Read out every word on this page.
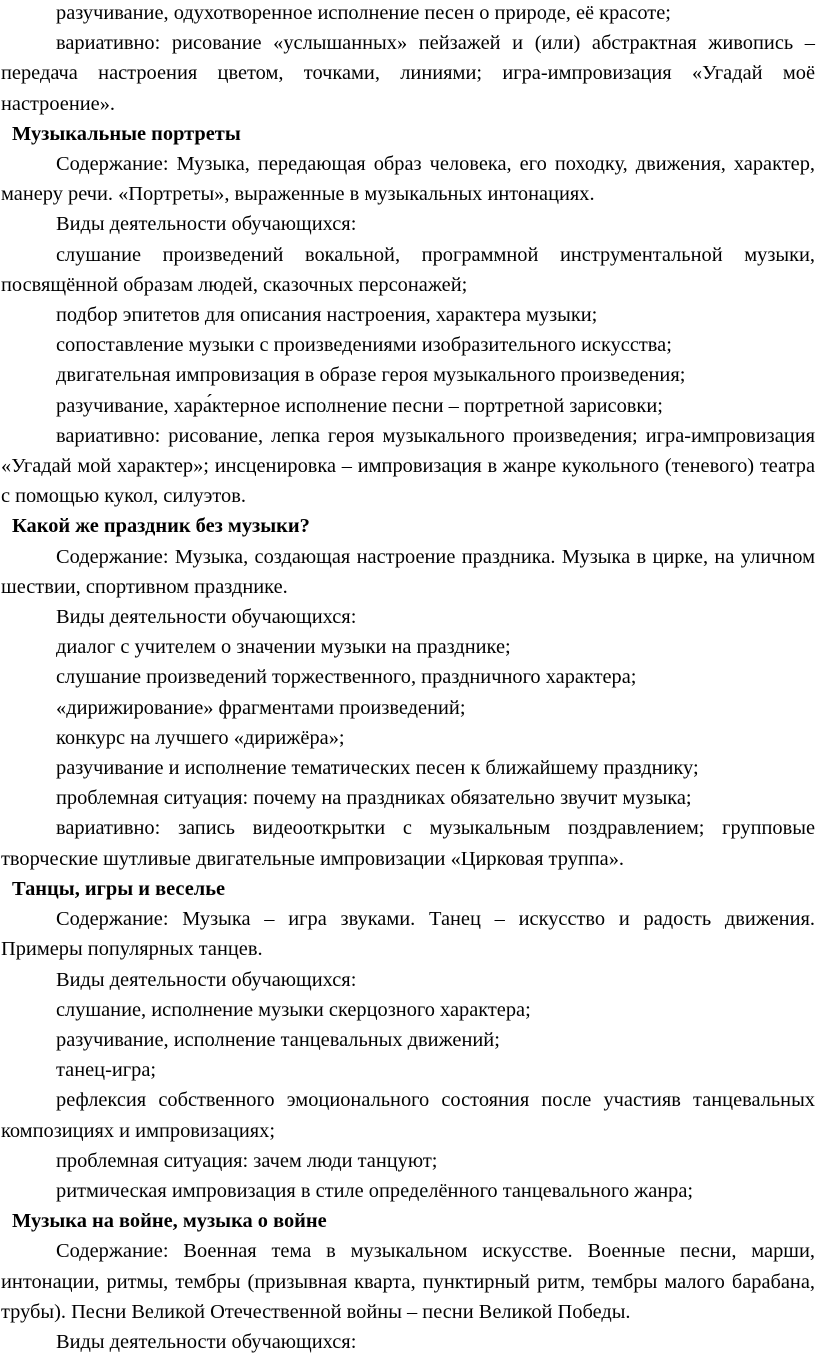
разучивание, одухотворенное исполнение песен о природе, её красоте;

вариативно: рисование «услышанных» пейзажей и (или) абстрактная живопись – передача настроения цветом, точками, линиями; игра-импровизация «Угадай моё настроение».

Музыкальные портреты

Содержание: Музыка, передающая образ человека, его походку, движения, характер, манеру речи. «Портреты», выраженные в музыкальных интонациях.

Виды деятельности обучающихся:

слушание произведений вокальной, программной инструментальной музыки, посвящённой образам людей, сказочных персонажей;

подбор эпитетов для описания настроения, характера музыки;

сопоставление музыки с произведениями изобразительного искусства;

двигательная импровизация в образе героя музыкального произведения;

разучивание, хара́ктерное исполнение песни – портретной зарисовки;

вариативно: рисование, лепка героя музыкального произведения; игра-импровизация «Угадай мой характер»; инсценировка – импровизация в жанре кукольного (теневого) театра с помощью кукол, силуэтов.

Какой же праздник без музыки?

Содержание: Музыка, создающая настроение праздника. Музыка в цирке, на уличном шествии, спортивном празднике.

Виды деятельности обучающихся:

диалог с учителем о значении музыки на празднике;

слушание произведений торжественного, праздничного характера;

«дирижирование» фрагментами произведений;

конкурс на лучшего «дирижёра»;

разучивание и исполнение тематических песен к ближайшему празднику;

проблемная ситуация: почему на праздниках обязательно звучит музыка;

вариативно: запись видеооткрытки с музыкальным поздравлением; групповые творческие шутливые двигательные импровизации «Цирковая труппа».

Танцы, игры и веселье

Содержание: Музыка – игра звуками. Танец – искусство и радость движения. Примеры популярных танцев.

Виды деятельности обучающихся:

слушание, исполнение музыки скерцозного характера;

разучивание, исполнение танцевальных движений;

танец-игра;

рефлексия собственного эмоционального состояния после участияв танцевальных композициях и импровизациях;

проблемная ситуация: зачем люди танцуют;

ритмическая импровизация в стиле определённого танцевального жанра;

Музыка на войне, музыка о войне

Содержание: Военная тема в музыкальном искусстве. Военные песни, марши, интонации, ритмы, тембры (призывная кварта, пунктирный ритм, тембры малого барабана, трубы). Песни Великой Отечественной войны – песни Великой Победы.

Виды деятельности обучающихся:
